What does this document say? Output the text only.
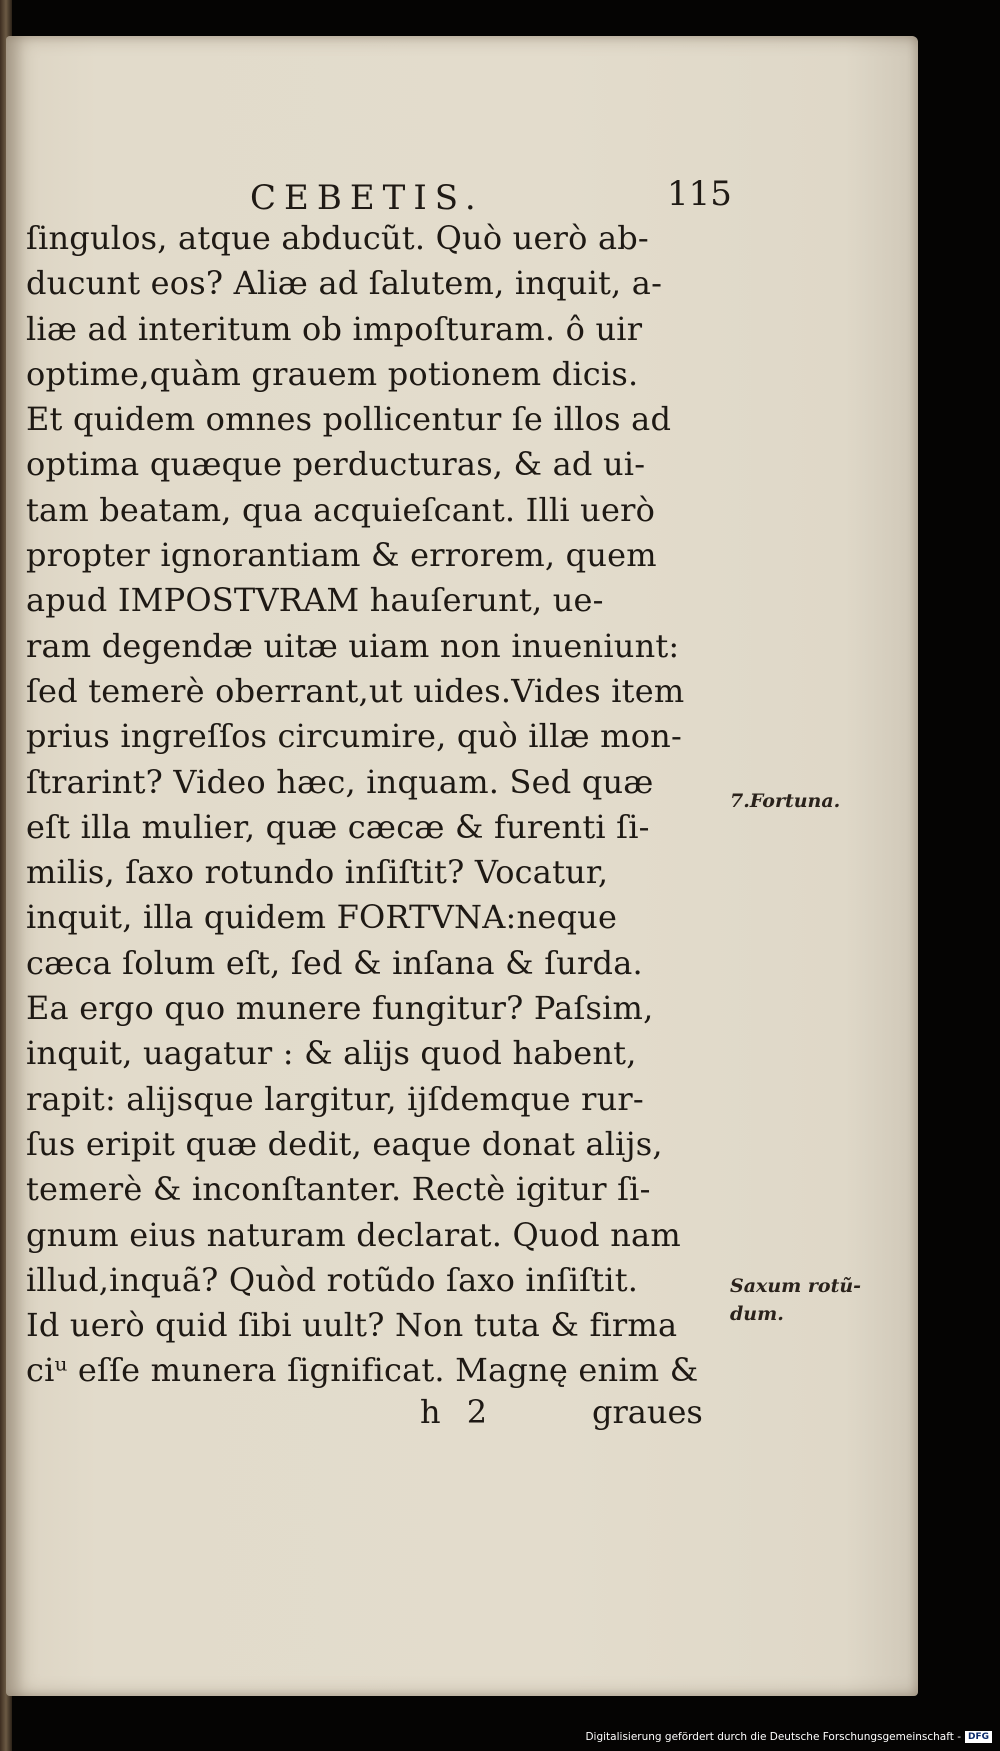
CEBETIS.	115
ſingulos, atque abducũt. Quò uerò ab-
ducunt eos? Aliæ ad ſalutem, inquit, a-
liæ ad interitum ob impoſturam. ô uir
optime,quàm grauem potionem dicis.
Et quidem omnes pollicentur ſe illos ad
optima quæque perducturas, & ad ui-
tam beatam, qua acquieſcant. Illi uerò
propter ignorantiam & errorem, quem
apud IMPOSTVRAM hauſerunt, ue-
ram degendæ uitæ uiam non inueniunt:
ſed temerè oberrant,ut uides.Vides item
prius ingreſſos circumire, quò illæ mon-
ſtrarint? Video hæc, inquam. Sed quæ
eſt illa mulier, quæ cæcæ & furenti ſi-
milis, ſaxo rotundo inſiſtit? Vocatur,
inquit, illa quidem FORTVNA:neque
cæca ſolum eſt, ſed & inſana & ſurda.
Ea ergo quo munere fungitur? Paſsim,
inquit, uagatur : & alijs quod habent,
rapit: alijsque largitur, ijſdemque rur-
ſus eripit quæ dedit, eaque donat alijs,
temerè & inconſtanter. Rectè igitur ſi-
gnum eius naturam declarat. Quod nam
illud,inquã? Quòd rotũdo ſaxo inſiſtit.
Id uerò quid ſibi uult? Non tuta & firma
ciᵘ eſſe munera ſignificat. Magnę enim &
h 2	graues
7.Fortuna.
Saxum rotũ-
dum.
Digitalisierung gefördert durch die Deutsche Forschungsgemeinschaft - DFG
